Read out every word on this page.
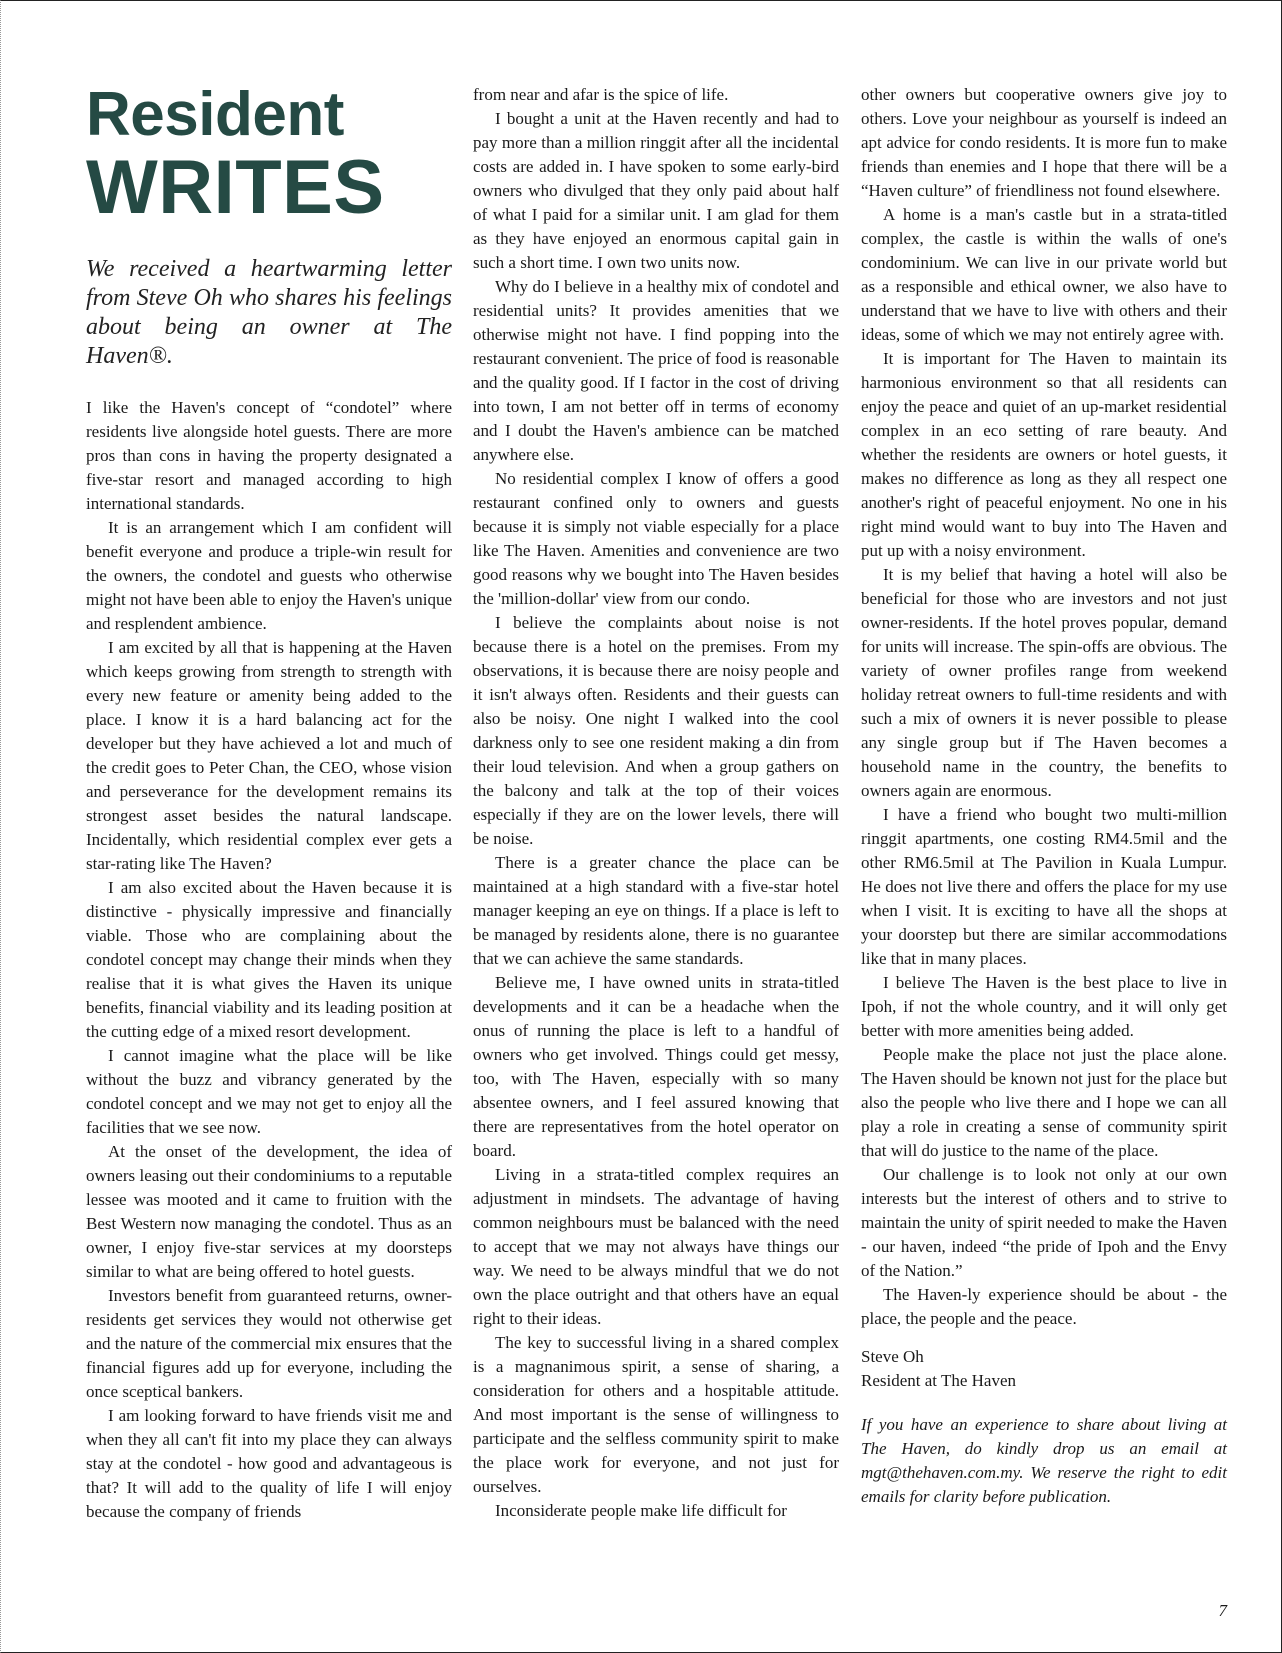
Resident
WRITES
We received a heartwarming letter from Steve Oh who shares his feelings about being an owner at The Haven®.

I like the Haven's concept of “condotel” where residents live alongside hotel guests. There are more pros than cons in having the property designated a five-star resort and managed according to high international standards.

It is an arrangement which I am confident will benefit everyone and produce a triple-win result for the owners, the condotel and guests who otherwise might not have been able to enjoy the Haven's unique and resplendent ambience.

I am excited by all that is happening at the Haven which keeps growing from strength to strength with every new feature or amenity being added to the place. I know it is a hard balancing act for the developer but they have achieved a lot and much of the credit goes to Peter Chan, the CEO, whose vision and perseverance for the development remains its strongest asset besides the natural landscape. Incidentally, which residential complex ever gets a star-rating like The Haven?

I am also excited about the Haven because it is distinctive - physically impressive and financially viable. Those who are complaining about the condotel concept may change their minds when they realise that it is what gives the Haven its unique benefits, financial viability and its leading position at the cutting edge of a mixed resort development.

I cannot imagine what the place will be like without the buzz and vibrancy generated by the condotel concept and we may not get to enjoy all the facilities that we see now.

At the onset of the development, the idea of owners leasing out their condominiums to a reputable lessee was mooted and it came to fruition with the Best Western now managing the condotel. Thus as an owner, I enjoy five-star services at my doorsteps similar to what are being offered to hotel guests.

Investors benefit from guaranteed returns, owner-residents get services they would not otherwise get and the nature of the commercial mix ensures that the financial figures add up for everyone, including the once sceptical bankers.

I am looking forward to have friends visit me and when they all can't fit into my place they can always stay at the condotel - how good and advantageous is that? It will add to the quality of life I will enjoy because the company of friends

from near and afar is the spice of life.

I bought a unit at the Haven recently and had to pay more than a million ringgit after all the incidental costs are added in. I have spoken to some early-bird owners who divulged that they only paid about half of what I paid for a similar unit. I am glad for them as they have enjoyed an enormous capital gain in such a short time. I own two units now.

Why do I believe in a healthy mix of condotel and residential units? It provides amenities that we otherwise might not have. I find popping into the restaurant convenient. The price of food is reasonable and the quality good. If I factor in the cost of driving into town, I am not better off in terms of economy and I doubt the Haven's ambience can be matched anywhere else.

No residential complex I know of offers a good restaurant confined only to owners and guests because it is simply not viable especially for a place like The Haven. Amenities and convenience are two good reasons why we bought into The Haven besides the 'million-dollar' view from our condo.

I believe the complaints about noise is not because there is a hotel on the premises. From my observations, it is because there are noisy people and it isn't always often. Residents and their guests can also be noisy. One night I walked into the cool darkness only to see one resident making a din from their loud television. And when a group gathers on the balcony and talk at the top of their voices especially if they are on the lower levels, there will be noise.

There is a greater chance the place can be maintained at a high standard with a five-star hotel manager keeping an eye on things. If a place is left to be managed by residents alone, there is no guarantee that we can achieve the same standards.

Believe me, I have owned units in strata-titled developments and it can be a headache when the onus of running the place is left to a handful of owners who get involved. Things could get messy, too, with The Haven, especially with so many absentee owners, and I feel assured knowing that there are representatives from the hotel operator on board.

Living in a strata-titled complex requires an adjustment in mindsets. The advantage of having common neighbours must be balanced with the need to accept that we may not always have things our way. We need to be always mindful that we do not own the place outright and that others have an equal right to their ideas.

The key to successful living in a shared complex is a magnanimous spirit, a sense of sharing, a consideration for others and a hospitable attitude. And most important is the sense of willingness to participate and the selfless community spirit to make the place work for everyone, and not just for ourselves.

Inconsiderate people make life difficult for

other owners but cooperative owners give joy to others. Love your neighbour as yourself is indeed an apt advice for condo residents. It is more fun to make friends than enemies and I hope that there will be a “Haven culture” of friendliness not found elsewhere.

A home is a man's castle but in a strata-titled complex, the castle is within the walls of one's condominium. We can live in our private world but as a responsible and ethical owner, we also have to understand that we have to live with others and their ideas, some of which we may not entirely agree with.

It is important for The Haven to maintain its harmonious environment so that all residents can enjoy the peace and quiet of an up-market residential complex in an eco setting of rare beauty. And whether the residents are owners or hotel guests, it makes no difference as long as they all respect one another's right of peaceful enjoyment. No one in his right mind would want to buy into The Haven and put up with a noisy environment.

It is my belief that having a hotel will also be beneficial for those who are investors and not just owner-residents. If the hotel proves popular, demand for units will increase. The spin-offs are obvious. The variety of owner profiles range from weekend holiday retreat owners to full-time residents and with such a mix of owners it is never possible to please any single group but if The Haven becomes a household name in the country, the benefits to owners again are enormous.

I have a friend who bought two multi-million ringgit apartments, one costing RM4.5mil and the other RM6.5mil at The Pavilion in Kuala Lumpur. He does not live there and offers the place for my use when I visit. It is exciting to have all the shops at your doorstep but there are similar accommodations like that in many places.

I believe The Haven is the best place to live in Ipoh, if not the whole country, and it will only get better with more amenities being added.

People make the place not just the place alone. The Haven should be known not just for the place but also the people who live there and I hope we can all play a role in creating a sense of community spirit that will do justice to the name of the place.

Our challenge is to look not only at our own interests but the interest of others and to strive to maintain the unity of spirit needed to make the Haven - our haven, indeed “the pride of Ipoh and the Envy of the Nation.”

The Haven-ly experience should be about - the place, the people and the peace.

Steve Oh
Resident at The Haven
If you have an experience to share about living at The Haven, do kindly drop us an email at mgt@thehaven.com.my. We reserve the right to edit emails for clarity before publication.
7
